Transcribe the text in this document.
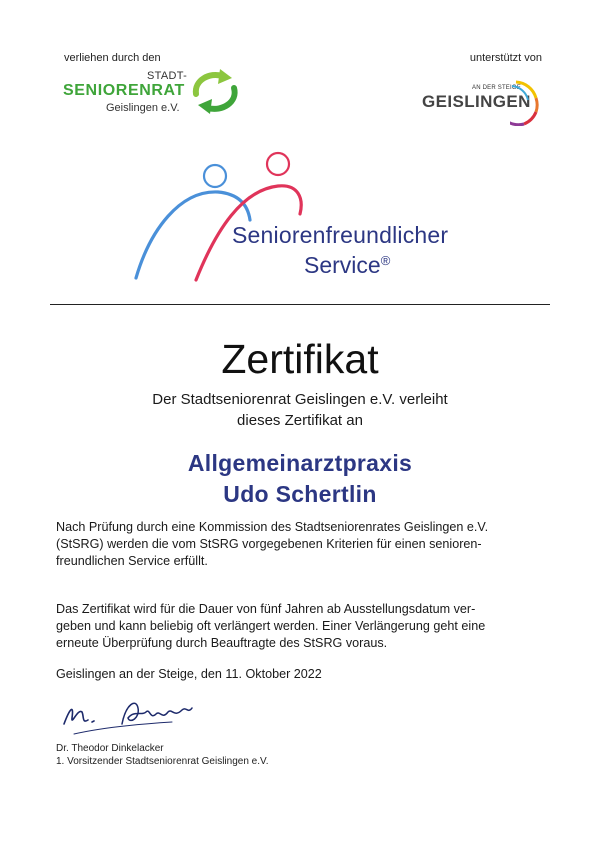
verliehen durch den	unterstützt von
STADT-
SENIORENRAT
Geislingen e.V.
AN DER STEIGE
GEISLINGEN
Seniorenfreundlicher
Service®
Zertifikat
Der Stadtseniorenrat Geislingen e.V. verleiht
dieses Zertifikat an
Allgemeinarztpraxis
Udo Schertlin
Nach Prüfung durch eine Kommission des Stadtseniorenrates Geislingen e.V.
(StSRG) werden die vom StSRG vorgegebenen Kriterien für einen senioren-
freundlichen Service erfüllt.
Das Zertifikat wird für die Dauer von fünf Jahren ab Ausstellungsdatum ver-
geben und kann beliebig oft verlängert werden. Einer Verlängerung geht eine
erneute Überprüfung durch Beauftragte des StSRG voraus.
Geislingen an der Steige, den 11. Oktober 2022
Dr. Theodor Dinkelacker
1. Vorsitzender Stadtseniorenrat Geislingen e.V.
